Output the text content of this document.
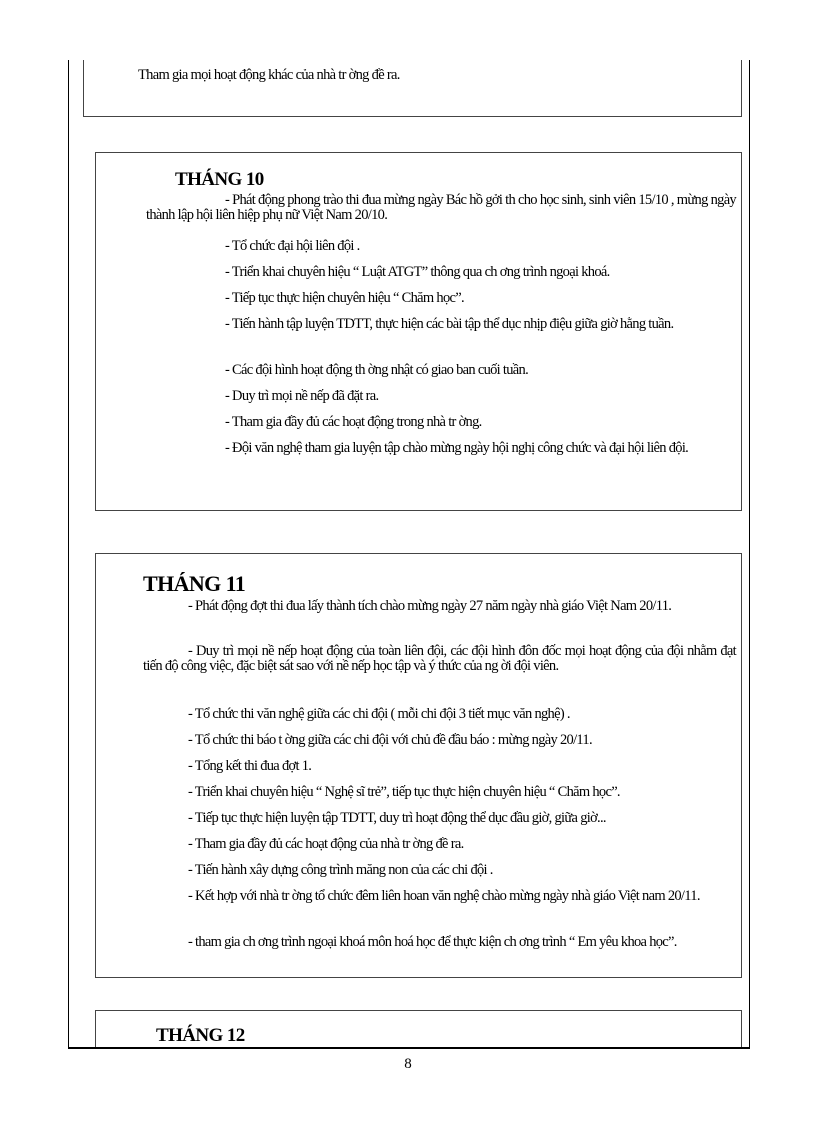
Tham gia mọi hoạt động khác của nhà tr ờng đề ra.

THÁNG 10

- Phát động phong trào thi đua mừng ngày Bác hồ gởi th cho học sinh, sinh viên 15/10 , mừng ngày thành lập hội liên hiệp phụ nữ Việt Nam 20/10.

- Tổ chức đại hội liên đội .

- Triển khai chuyên hiệu “ Luật ATGT” thông qua ch ơng trình ngoại khoá.

- Tiếp tục thực hiện chuyên hiệu “ Chăm học”.

- Tiến hành tập luyện TDTT, thực hiện các bài tập thể dục nhịp điệu giữa giờ hằng tuần.

- Các đội hình hoạt động th ờng nhật có giao ban cuối tuần.

- Duy trì mọi nề nếp đã đặt ra.

- Tham gia đầy đủ các hoạt động trong nhà tr ờng.

- Đội văn nghệ tham gia luyện tập chào mừng ngày hội nghị công chức và đại hội liên đội.

THÁNG 11

- Phát động đợt thi đua lấy thành tích chào mừng ngày 27 năm ngày nhà giáo Việt Nam 20/11.

- Duy trì mọi nề nếp hoạt động của toàn liên đội, các đội hình đôn đốc mọi hoạt động của đội nhằm đạt tiến độ công việc, đặc biệt sát sao với nề nếp học tập và ý thức của ng ời đội viên.

- Tổ chức thi văn nghệ giữa các chi đội ( mỗi chi đội 3 tiết mục văn nghệ) .

- Tổ chức thi báo t ờng giữa các chi đội với chủ đề đầu báo : mừng ngày 20/11.

- Tổng kết thi đua đợt 1.

- Triển khai chuyên hiệu “ Nghệ sĩ trẻ”, tiếp tục thực hiện chuyên hiệu “ Chăm học”.

- Tiếp tục thực hiện luyện tập TDTT, duy trì hoạt động thể dục đầu giờ, giữa giờ...

- Tham gia đầy đủ các hoạt động của nhà tr ờng đề ra.

- Tiến hành xây dựng công trình măng non của các chi đội .

- Kết hợp với nhà tr ờng tổ chức đêm liên hoan văn nghệ chào mừng ngày nhà giáo Việt nam 20/11.

- tham gia ch ơng trình ngoại khoá môn hoá học để thực kiện ch ơng trình “ Em yêu khoa học”.

THÁNG 12

8
